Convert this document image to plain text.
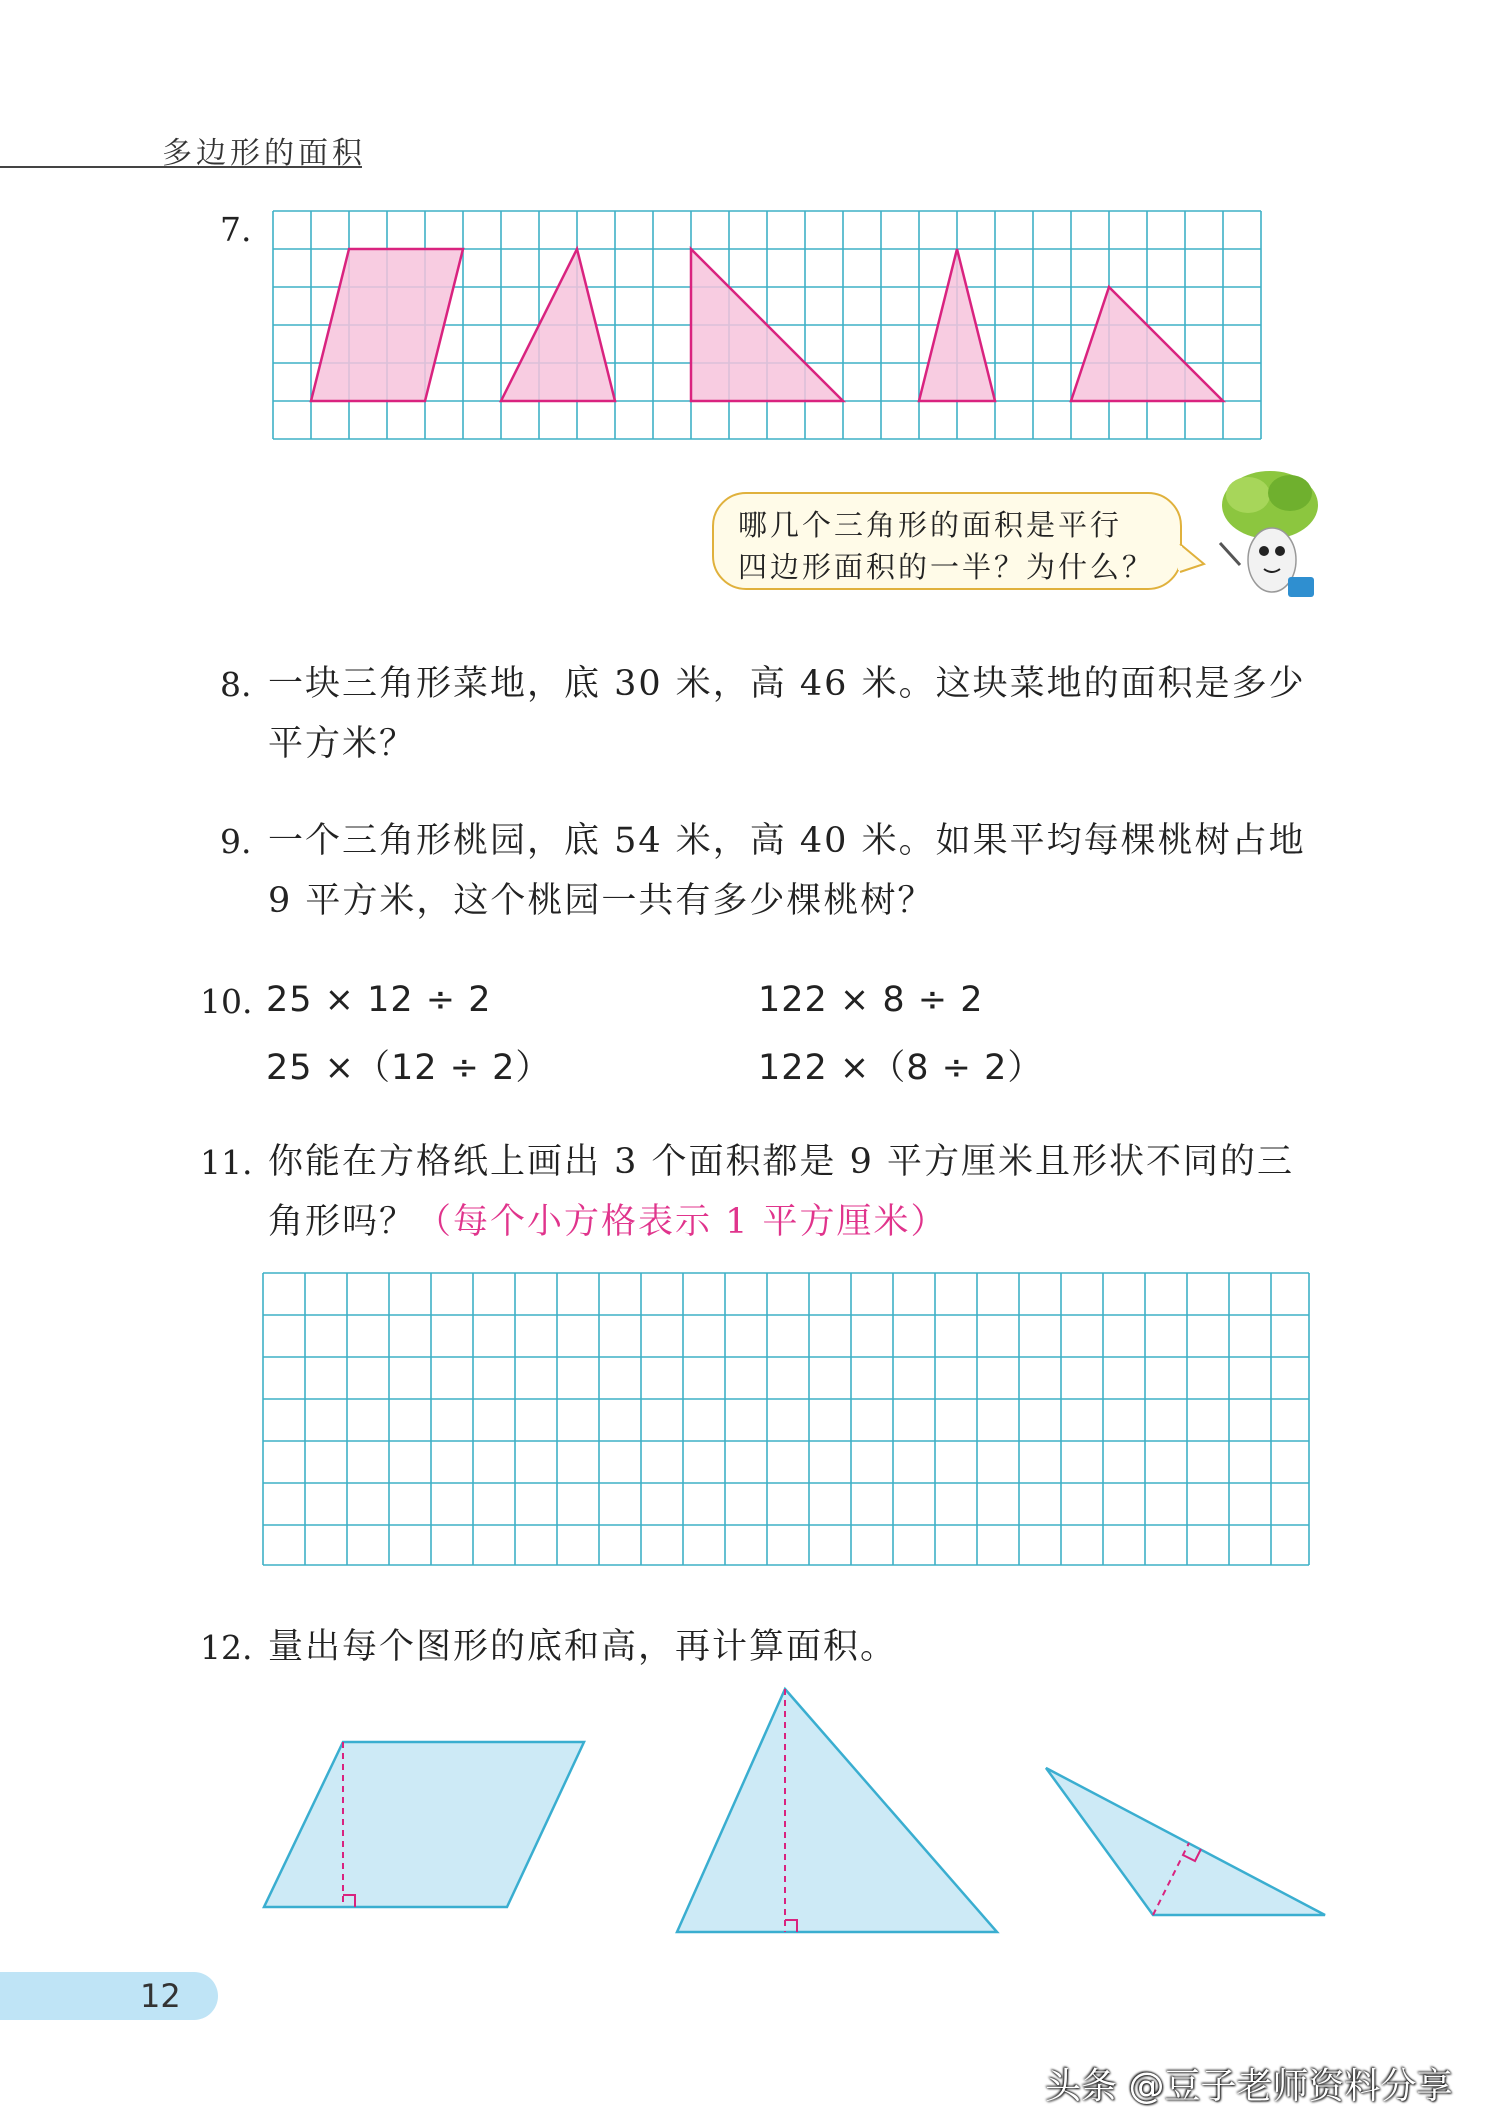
多边形的面积
7.
哪几个三角形的面积是平行
四边形面积的一半？为什么？
8. 一块三角形菜地，底 30 米，高 46 米。这块菜地的面积是多少
平方米？
9. 一个三角形桃园，底 54 米，高 40 米。如果平均每棵桃树占地
9 平方米，这个桃园一共有多少棵桃树？
10. 25 × 12 ÷ 2
25 ×（12 ÷ 2）
122 × 8 ÷ 2
122 ×（8 ÷ 2）
11. 你能在方格纸上画出 3 个面积都是 9 平方厘米且形状不同的三
角形吗？（每个小方格表示 1 平方厘米）
12. 量出每个图形的底和高，再计算面积。
12
头条 @豆子老师资料分享
